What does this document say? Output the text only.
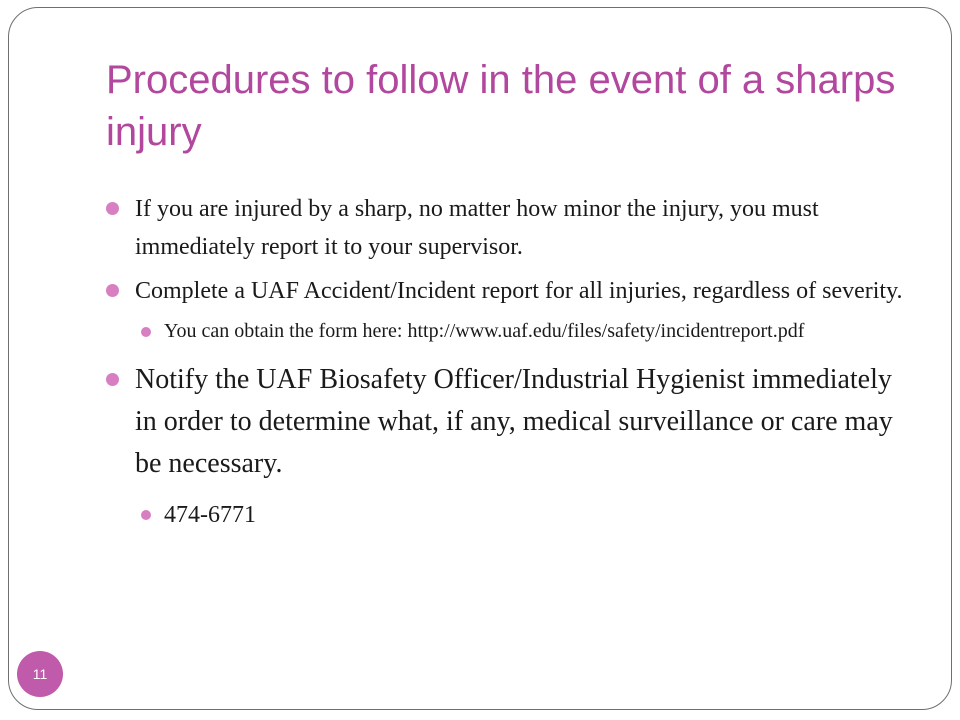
Procedures to follow in the event of a sharps injury
If you are injured by a sharp, no matter how minor the injury, you must immediately report it to your supervisor.
Complete a UAF Accident/Incident report for all injuries, regardless of severity.
You can obtain the form here: http://www.uaf.edu/files/safety/incidentreport.pdf
Notify the UAF Biosafety Officer/Industrial Hygienist immediately in order to determine what, if any, medical surveillance or care may be necessary.
474-6771
11
